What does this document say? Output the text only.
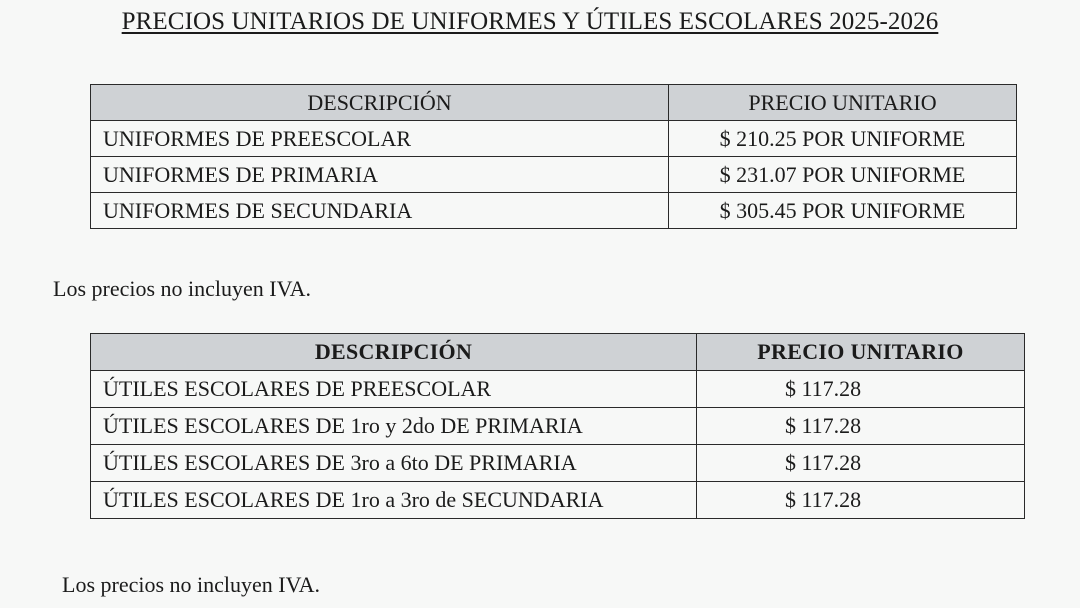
PRECIOS UNITARIOS DE UNIFORMES Y ÚTILES ESCOLARES 2025-2026
DESCRIPCIÓN	PRECIO UNITARIO
UNIFORMES DE PREESCOLAR	$ 210.25 POR UNIFORME
UNIFORMES DE PRIMARIA	$ 231.07 POR UNIFORME
UNIFORMES DE SECUNDARIA	$ 305.45 POR UNIFORME
Los precios no incluyen IVA.
DESCRIPCIÓN	PRECIO UNITARIO
ÚTILES ESCOLARES DE PREESCOLAR	$ 117.28
ÚTILES ESCOLARES DE 1ro y 2do DE PRIMARIA	$ 117.28
ÚTILES ESCOLARES DE 3ro a 6to DE PRIMARIA	$ 117.28
ÚTILES ESCOLARES DE 1ro a 3ro de SECUNDARIA	$ 117.28
Los precios no incluyen IVA.
